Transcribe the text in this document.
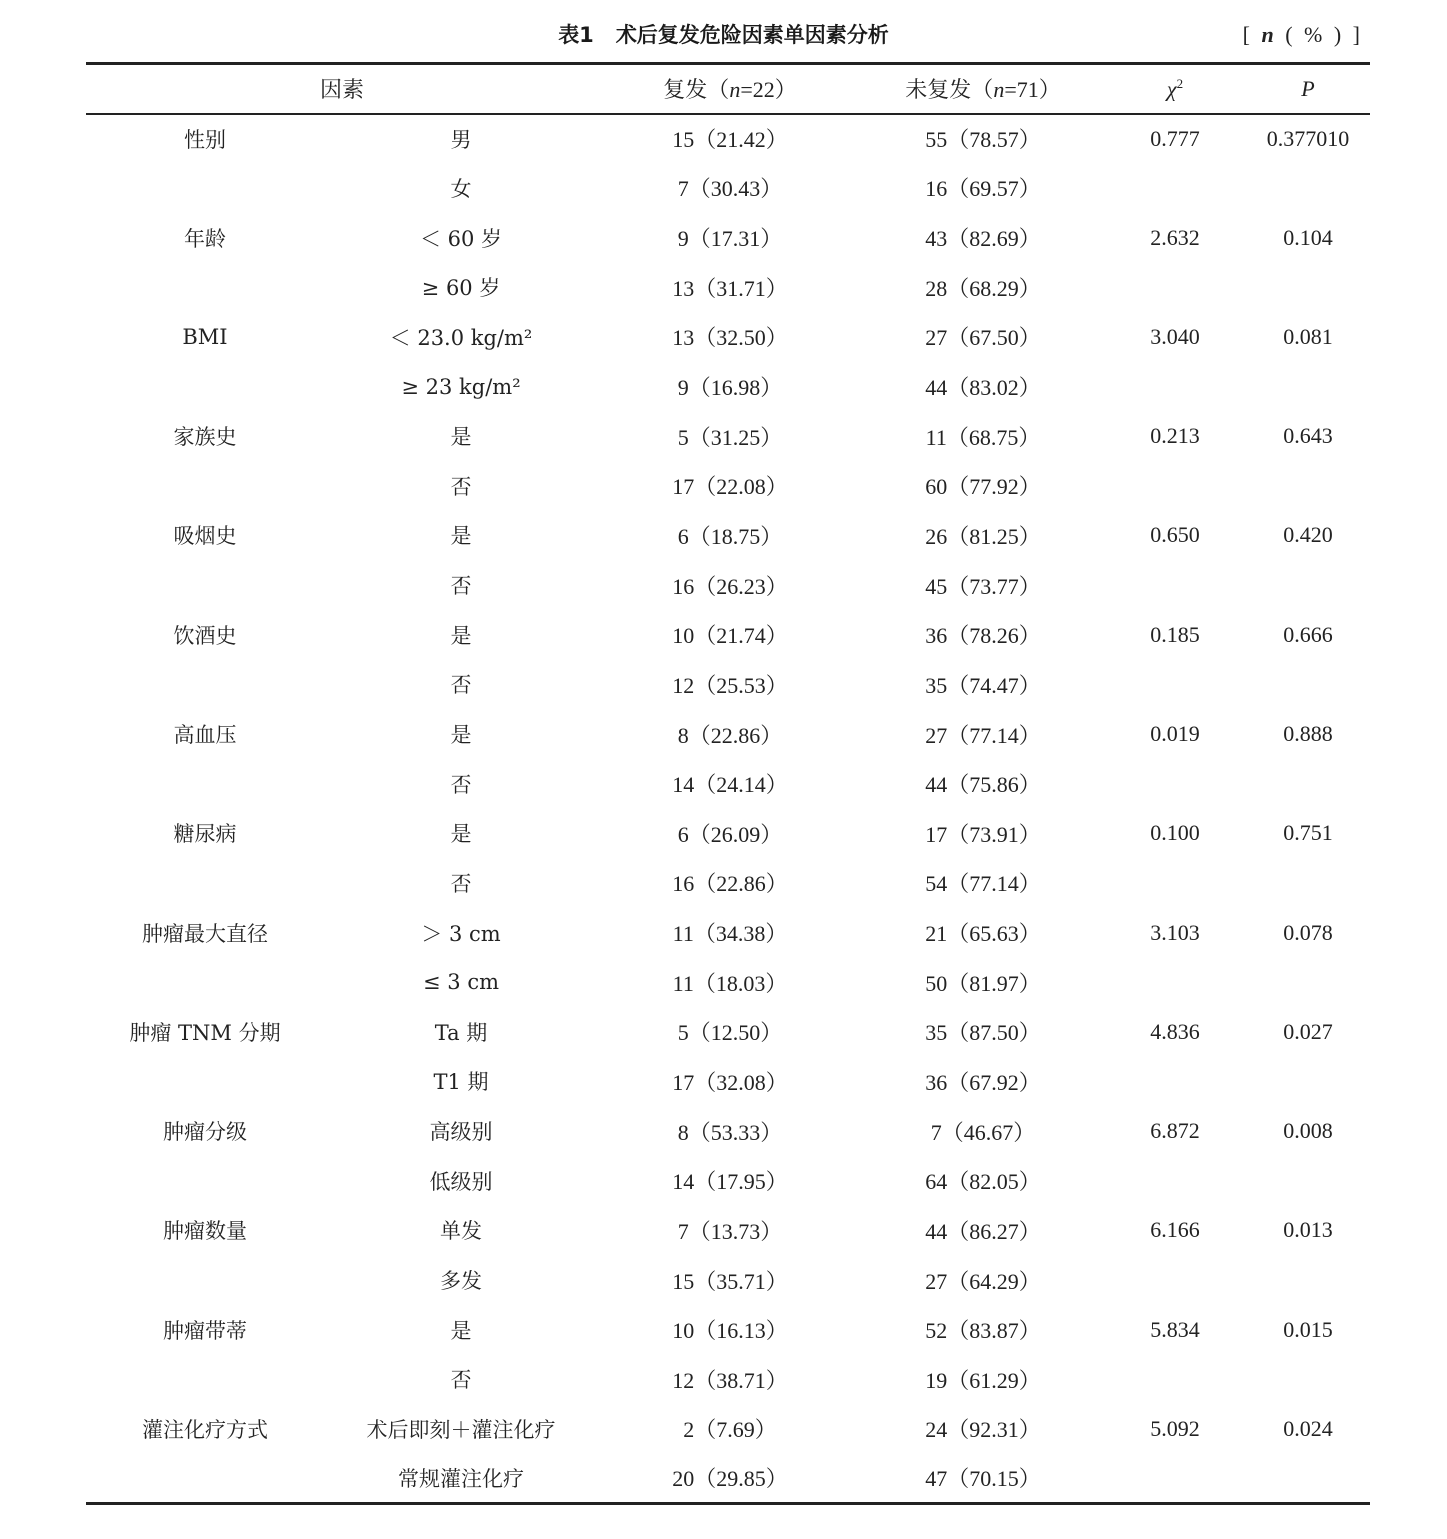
表1 术后复发危险因素单因素分析	[ n ( % ) ]
因素		复发（n=22）	未复发（n=71）	$\chi^2$	P
性别	男	15（21.42）	55（78.57）	0.777	0.377010
	女	7（30.43）	16（69.57）		
年龄	＜ 60 岁	9（17.31）	43（82.69）	2.632	0.104
	≥ 60 岁	13（31.71）	28（68.29）		
BMI	＜ 23.0 kg/m²	13（32.50）	27（67.50）	3.040	0.081
	≥ 23 kg/m²	9（16.98）	44（83.02）		
家族史	是	5（31.25）	11（68.75）	0.213	0.643
	否	17（22.08）	60（77.92）		
吸烟史	是	6（18.75）	26（81.25）	0.650	0.420
	否	16（26.23）	45（73.77）		
饮酒史	是	10（21.74）	36（78.26）	0.185	0.666
	否	12（25.53）	35（74.47）		
高血压	是	8（22.86）	27（77.14）	0.019	0.888
	否	14（24.14）	44（75.86）		
糖尿病	是	6（26.09）	17（73.91）	0.100	0.751
	否	16（22.86）	54（77.14）		
肿瘤最大直径	＞ 3 cm	11（34.38）	21（65.63）	3.103	0.078
	≤ 3 cm	11（18.03）	50（81.97）		
肿瘤 TNM 分期	Ta 期	5（12.50）	35（87.50）	4.836	0.027
	T1 期	17（32.08）	36（67.92）		
肿瘤分级	高级别	8（53.33）	7（46.67）	6.872	0.008
	低级别	14（17.95）	64（82.05）		
肿瘤数量	单发	7（13.73）	44（86.27）	6.166	0.013
	多发	15（35.71）	27（64.29）		
肿瘤带蒂	是	10（16.13）	52（83.87）	5.834	0.015
	否	12（38.71）	19（61.29）		
灌注化疗方式	术后即刻＋灌注化疗	2（7.69）	24（92.31）	5.092	0.024
	常规灌注化疗	20（29.85）	47（70.15）		
